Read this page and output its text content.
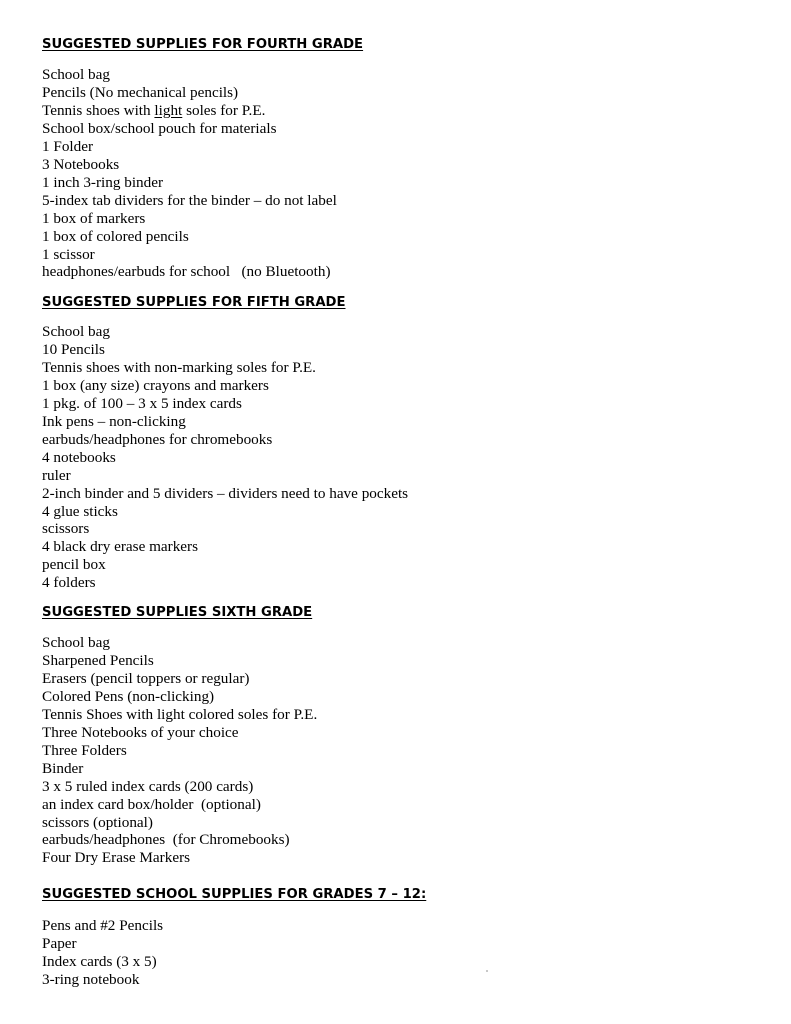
SUGGESTED SUPPLIES FOR FOURTH GRADE
School bag
Pencils (No mechanical pencils)
Tennis shoes with light soles for P.E.
School box/school pouch for materials
1 Folder
3 Notebooks
1 inch 3-ring binder
5-index tab dividers for the binder – do not label
1 box of markers
1 box of colored pencils
1 scissor
headphones/earbuds for school   (no Bluetooth)
SUGGESTED SUPPLIES FOR FIFTH GRADE
School bag
10 Pencils
Tennis shoes with non-marking soles for P.E.
1 box (any size) crayons and markers
1 pkg. of 100 – 3 x 5 index cards
Ink pens – non-clicking
earbuds/headphones for chromebooks
4 notebooks
ruler
2-inch binder and 5 dividers – dividers need to have pockets
4 glue sticks
scissors
4 black dry erase markers
pencil box
4 folders
SUGGESTED SUPPLIES SIXTH GRADE
School bag
Sharpened Pencils
Erasers (pencil toppers or regular)
Colored Pens (non-clicking)
Tennis Shoes with light colored soles for P.E.
Three Notebooks of your choice
Three Folders
Binder
3 x 5 ruled index cards (200 cards)
an index card box/holder  (optional)
scissors (optional)
earbuds/headphones  (for Chromebooks)
Four Dry Erase Markers
SUGGESTED SCHOOL SUPPLIES FOR GRADES 7 – 12:
Pens and #2 Pencils
Paper
Index cards (3 x 5)
3-ring notebook
